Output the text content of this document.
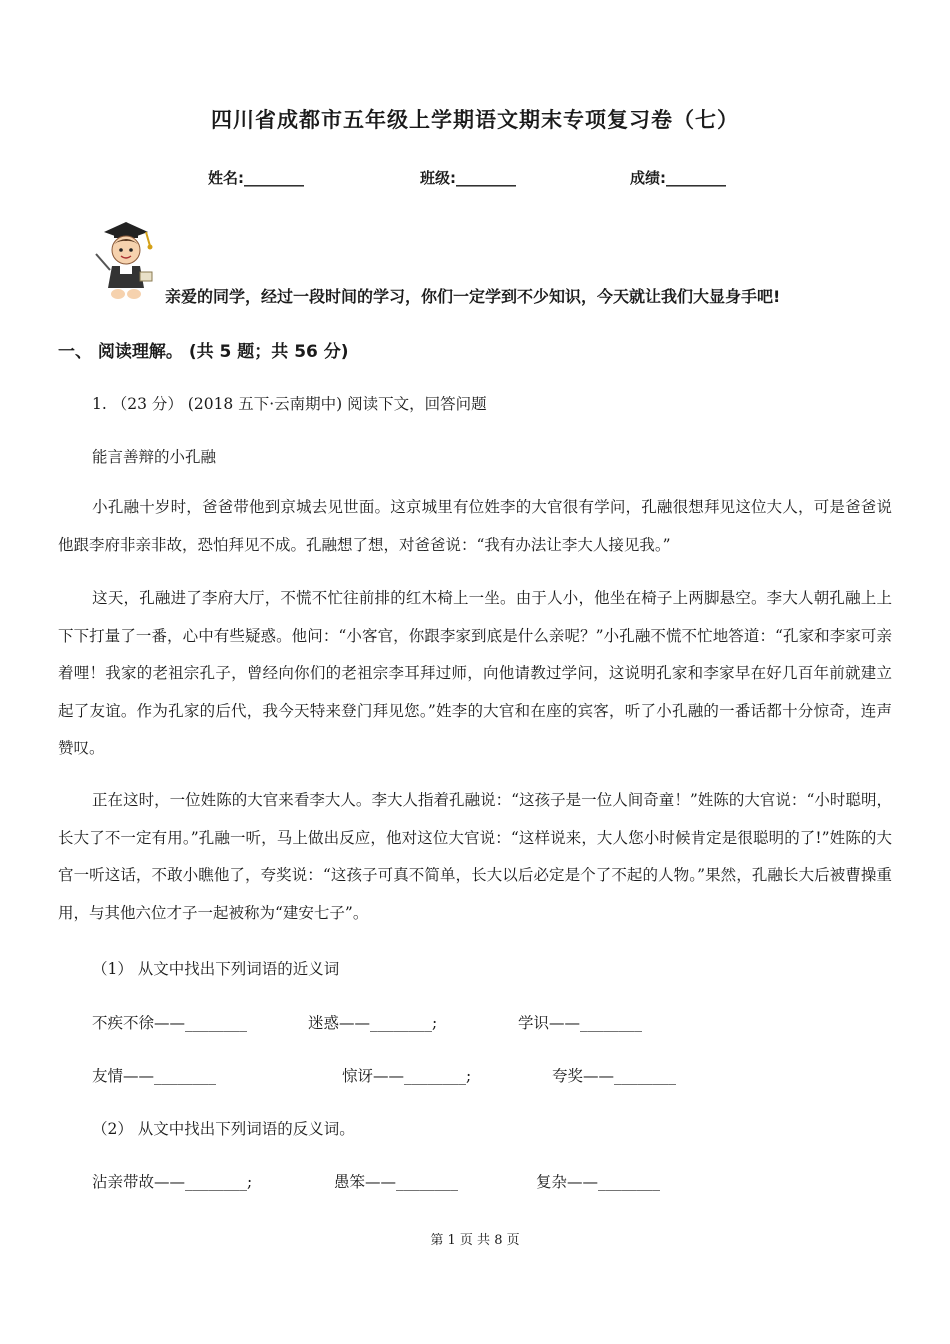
四川省成都市五年级上学期语文期末专项复习卷（七）
姓名:________	班级:________	成绩:________
亲爱的同学，经过一段时间的学习，你们一定学到不少知识，今天就让我们大显身手吧!
一、 阅读理解。 (共 5 题；共 56 分)
1. （23 分） (2018 五下·云南期中) 阅读下文，回答问题
能言善辩的小孔融
小孔融十岁时，爸爸带他到京城去见世面。这京城里有位姓李的大官很有学问，孔融很想拜见这位大人，可是爸爸说他跟李府非亲非故，恐怕拜见不成。孔融想了想，对爸爸说：“我有办法让李大人接见我。”
这天，孔融进了李府大厅，不慌不忙往前排的红木椅上一坐。由于人小，他坐在椅子上两脚悬空。李大人朝孔融上上下下打量了一番，心中有些疑惑。他问：“小客官，你跟李家到底是什么亲呢？”小孔融不慌不忙地答道：“孔家和李家可亲着哩！我家的老祖宗孔子，曾经向你们的老祖宗李耳拜过师，向他请教过学问，这说明孔家和李家早在好几百年前就建立起了友谊。作为孔家的后代，我今天特来登门拜见您。”姓李的大官和在座的宾客，听了小孔融的一番话都十分惊奇，连声赞叹。
正在这时，一位姓陈的大官来看李大人。李大人指着孔融说：“这孩子是一位人间奇童！”姓陈的大官说：“小时聪明，长大了不一定有用。”孔融一听，马上做出反应，他对这位大官说：“这样说来，大人您小时候肯定是很聪明的了!”姓陈的大官一听这话，不敢小瞧他了，夸奖说：“这孩子可真不简单，长大以后必定是个了不起的人物。”果然，孔融长大后被曹操重用，与其他六位才子一起被称为“建安七子”。
（1） 从文中找出下列词语的近义词
不疾不徐——________	迷惑——________;	学识——________
友情——________	惊讶——________;	夸奖——________
（2） 从文中找出下列词语的反义词。
沾亲带故——________;	愚笨——________	复杂——________
第 1 页 共 8 页
